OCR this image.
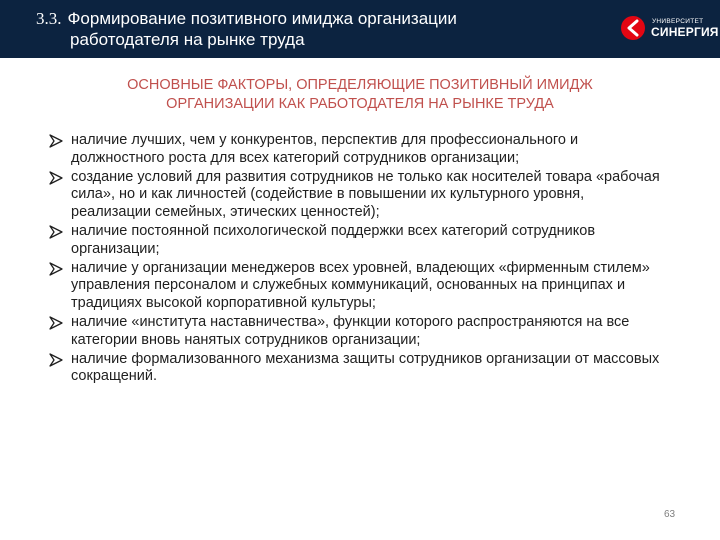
3.3. Формирование позитивного имиджа организации
работодателя на рынке труда
УНИВЕРСИТЕТ
СИНЕРГИЯ
ОСНОВНЫЕ ФАКТОРЫ, ОПРЕДЕЛЯЮЩИЕ ПОЗИТИВНЫЙ ИМИДЖ
ОРГАНИЗАЦИИ КАК РАБОТОДАТЕЛЯ НА РЫНКЕ ТРУДА
наличие лучших, чем у конкурентов, перспектив для профессионального и должностного роста для всех категорий сотрудников организации;
создание условий для развития сотрудников не только как носителей товара «рабочая сила», но и как личностей (содействие в повышении их культурного уровня, реализации семейных, этических ценностей);
наличие постоянной психологической поддержки всех категорий сотрудников организации;
наличие у организации менеджеров всех уровней, владеющих «фирменным стилем» управления персоналом и служебных коммуникаций, основанных на принципах и традициях высокой корпоративной культуры;
наличие «института наставничества», функции которого распространяются на все категории вновь нанятых сотрудников организации;
наличие формализованного механизма защиты сотрудников организации от массовых сокращений.
63
